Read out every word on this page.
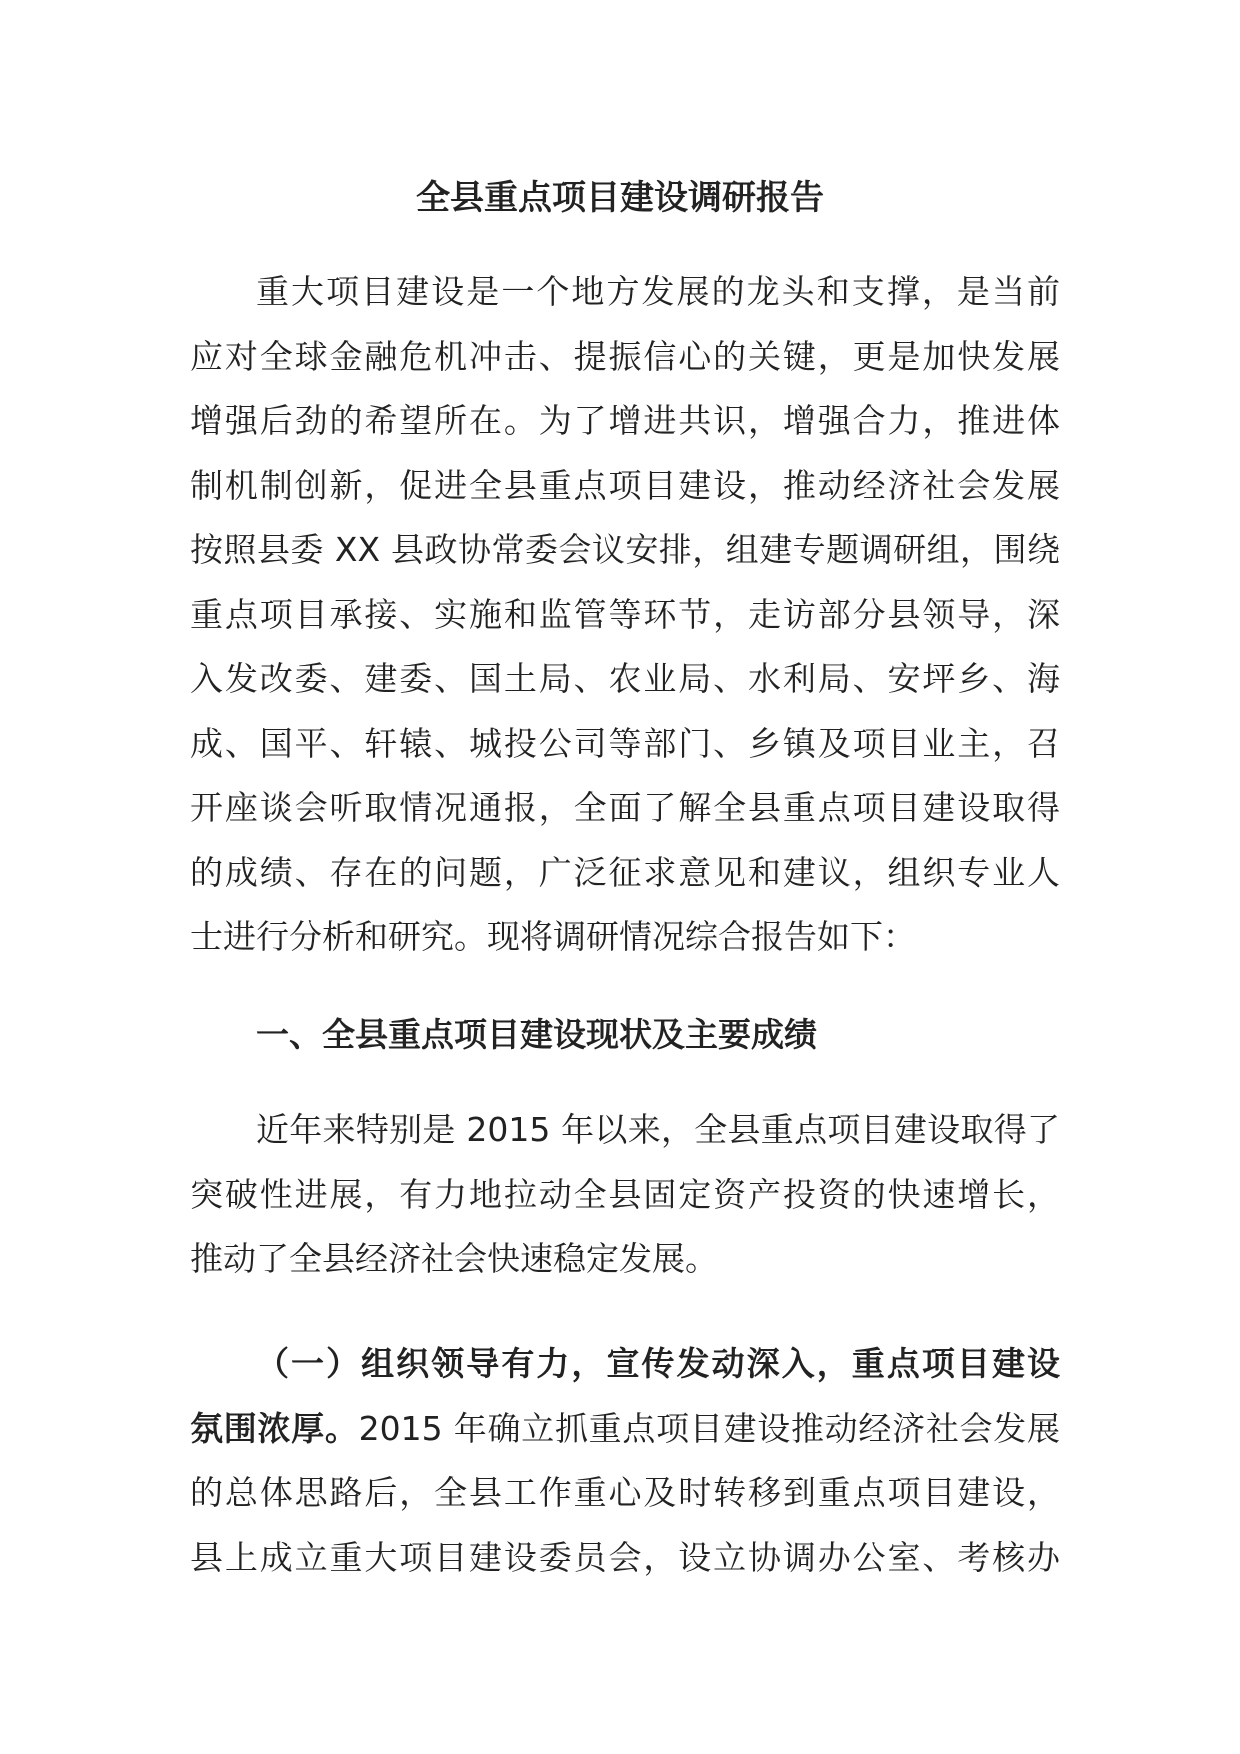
全县重点项目建设调研报告
重大项目建设是一个地方发展的龙头和支撑，是当前
应对全球金融危机冲击、提振信心的关键，更是加快发展
增强后劲的希望所在。为了增进共识，增强合力，推进体
制机制创新，促进全县重点项目建设，推动经济社会发展
按照县委 XX 县政协常委会议安排，组建专题调研组，围绕
重点项目承接、实施和监管等环节，走访部分县领导，深
入发改委、建委、国土局、农业局、水利局、安坪乡、海
成、国平、轩辕、城投公司等部门、乡镇及项目业主，召
开座谈会听取情况通报，全面了解全县重点项目建设取得
的成绩、存在的问题，广泛征求意见和建议，组织专业人
士进行分析和研究。现将调研情况综合报告如下：
一、全县重点项目建设现状及主要成绩
近年来特别是 2015 年以来，全县重点项目建设取得了
突破性进展，有力地拉动全县固定资产投资的快速增长，
推动了全县经济社会快速稳定发展。
（一）组织领导有力，宣传发动深入，重点项目建设
氛围浓厚。2015 年确立抓重点项目建设推动经济社会发展
的总体思路后，全县工作重心及时转移到重点项目建设，
县上成立重大项目建设委员会，设立协调办公室、考核办
